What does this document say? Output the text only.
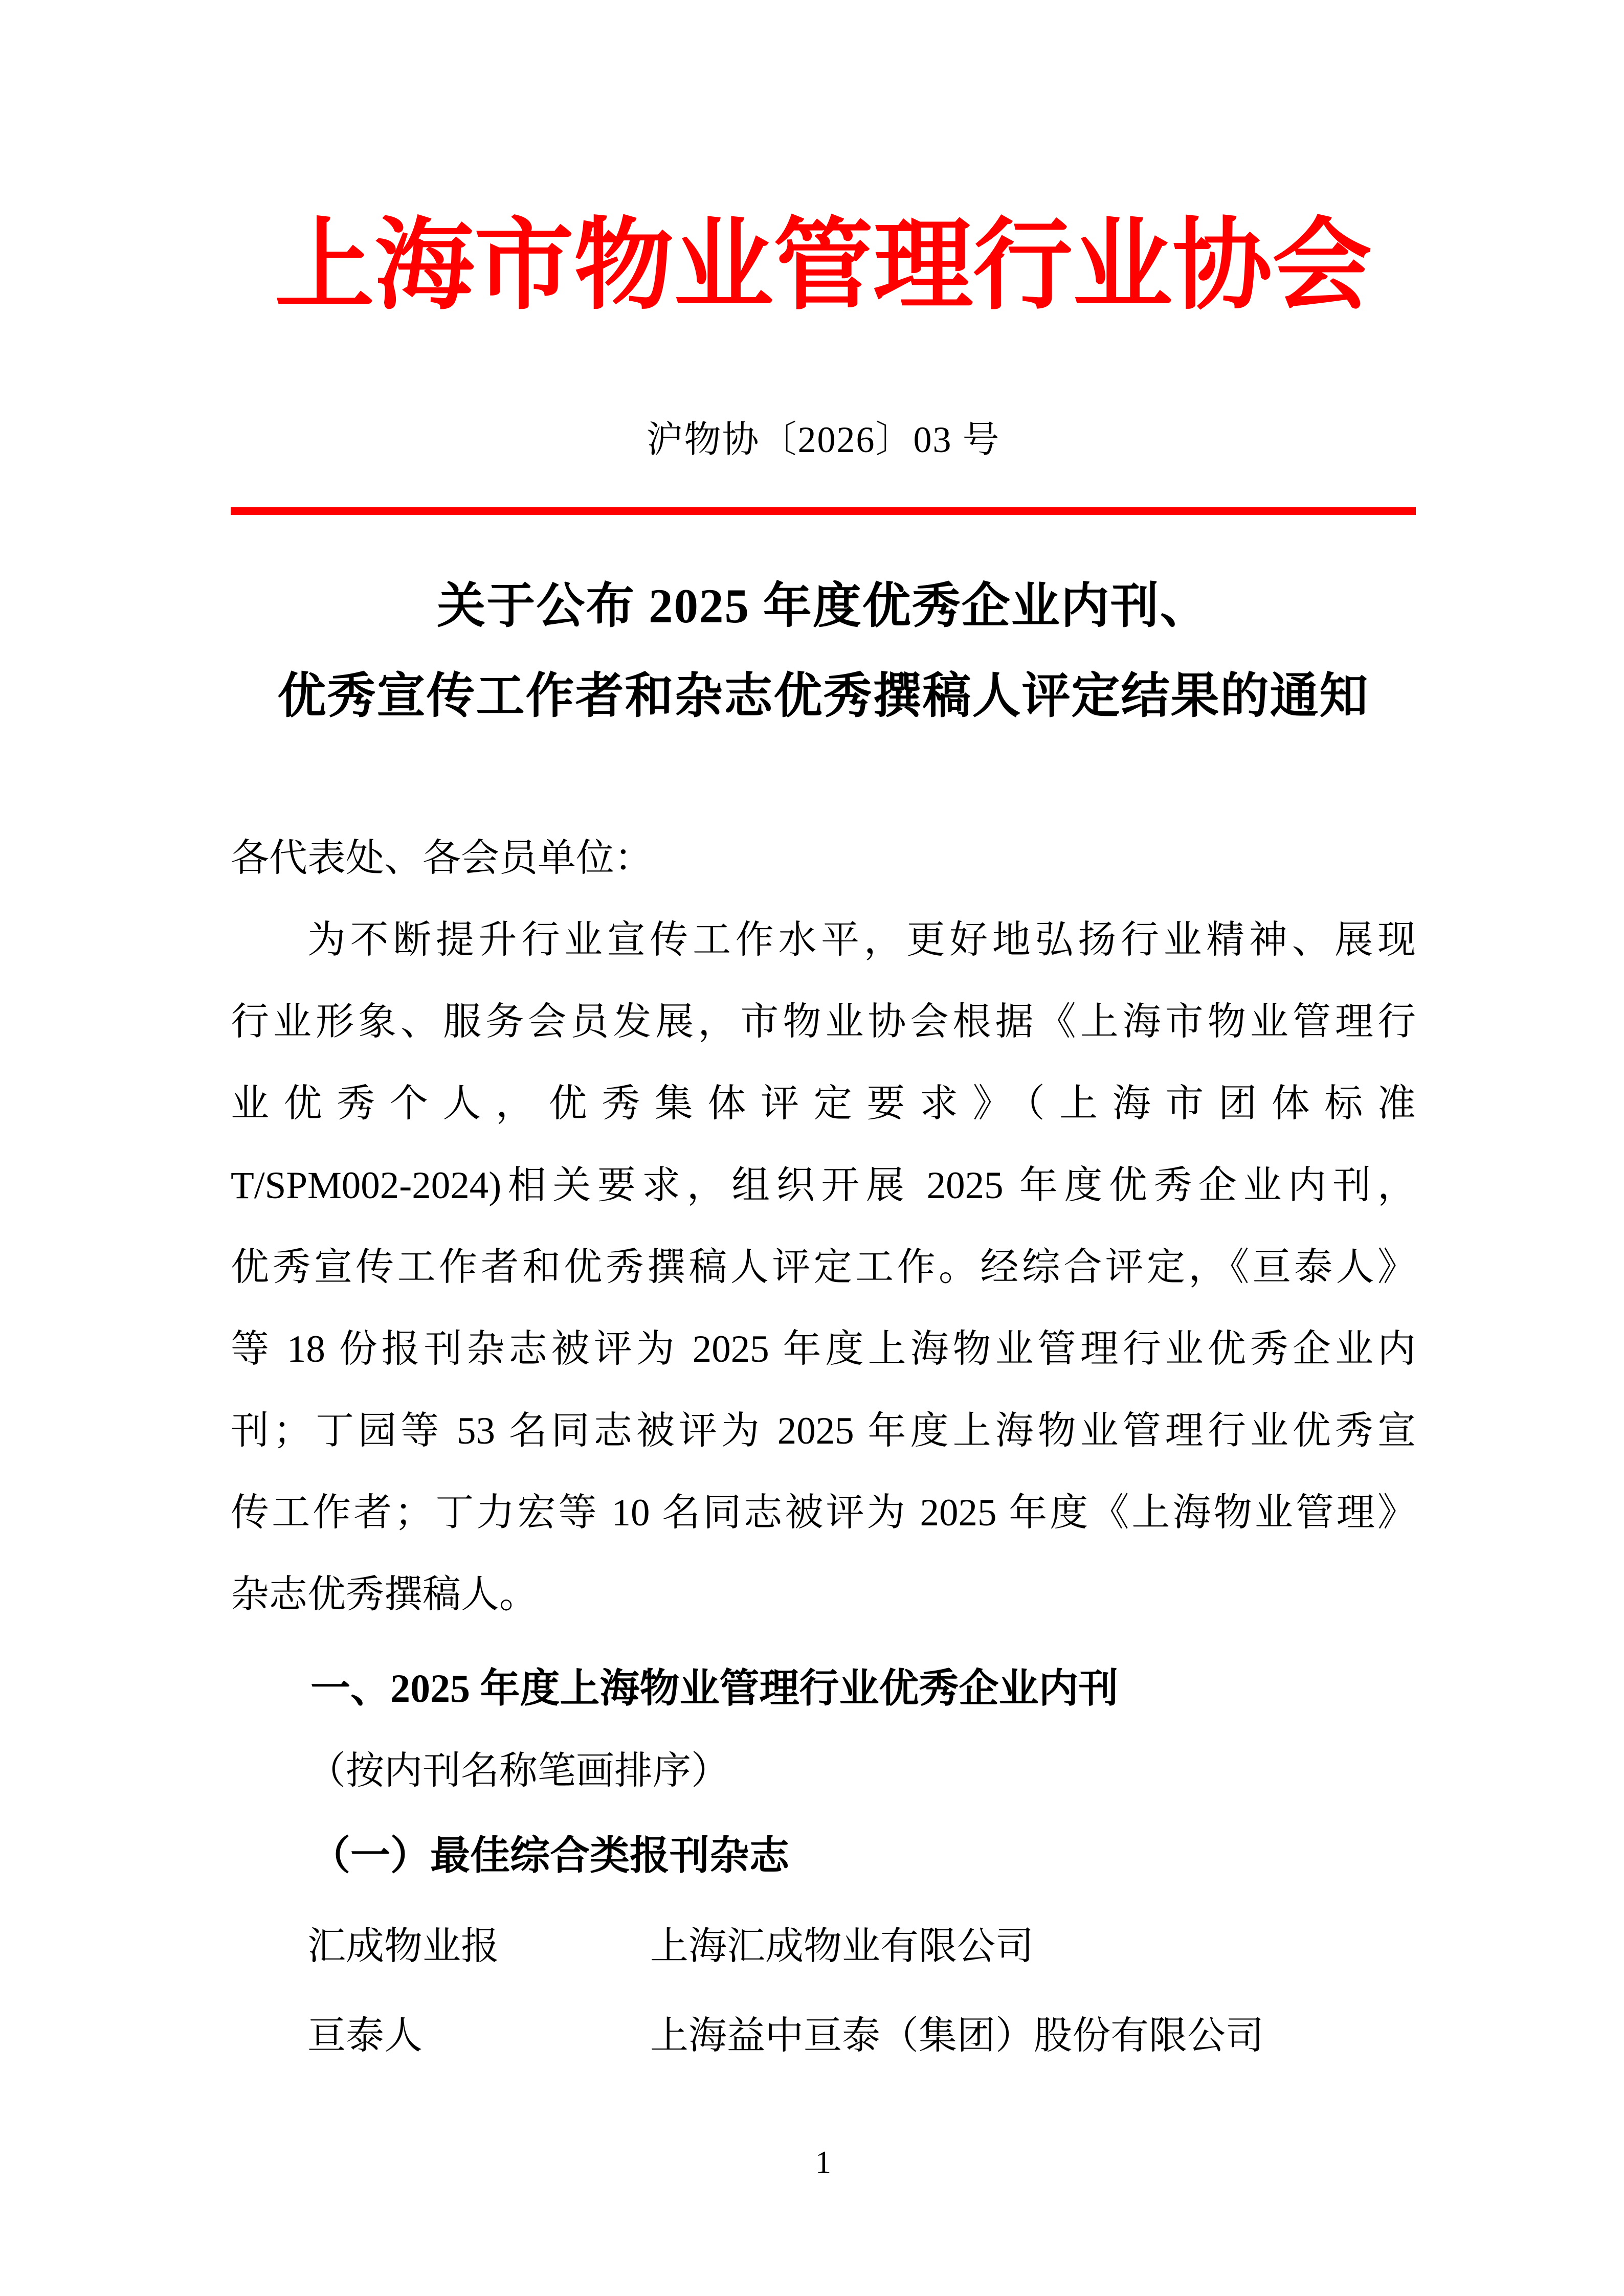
上海市物业管理行业协会
沪物协〔2026〕03 号
关于公布 2025 年度优秀企业内刊、
优秀宣传工作者和杂志优秀撰稿人评定结果的通知
各代表处、各会员单位：
为不断提升行业宣传工作水平，更好地弘扬行业精神、展现
行业形象、服务会员发展，市物业协会根据《上海市物业管理行
业优秀个人，优秀集体评定要求》（上海市团体标准
T/SPM002-2024)相关要求，组织开展 2025 年度优秀企业内刊，
优秀宣传工作者和优秀撰稿人评定工作。经综合评定，《亘泰人》
等 18 份报刊杂志被评为 2025 年度上海物业管理行业优秀企业内
刊；丁园等 53 名同志被评为 2025 年度上海物业管理行业优秀宣
传工作者；丁力宏等 10 名同志被评为 2025 年度《上海物业管理》
杂志优秀撰稿人。
一、2025 年度上海物业管理行业优秀企业内刊
（按内刊名称笔画排序）
（一）最佳综合类报刊杂志
汇成物业报	上海汇成物业有限公司
亘泰人	上海益中亘泰（集团）股份有限公司
1
